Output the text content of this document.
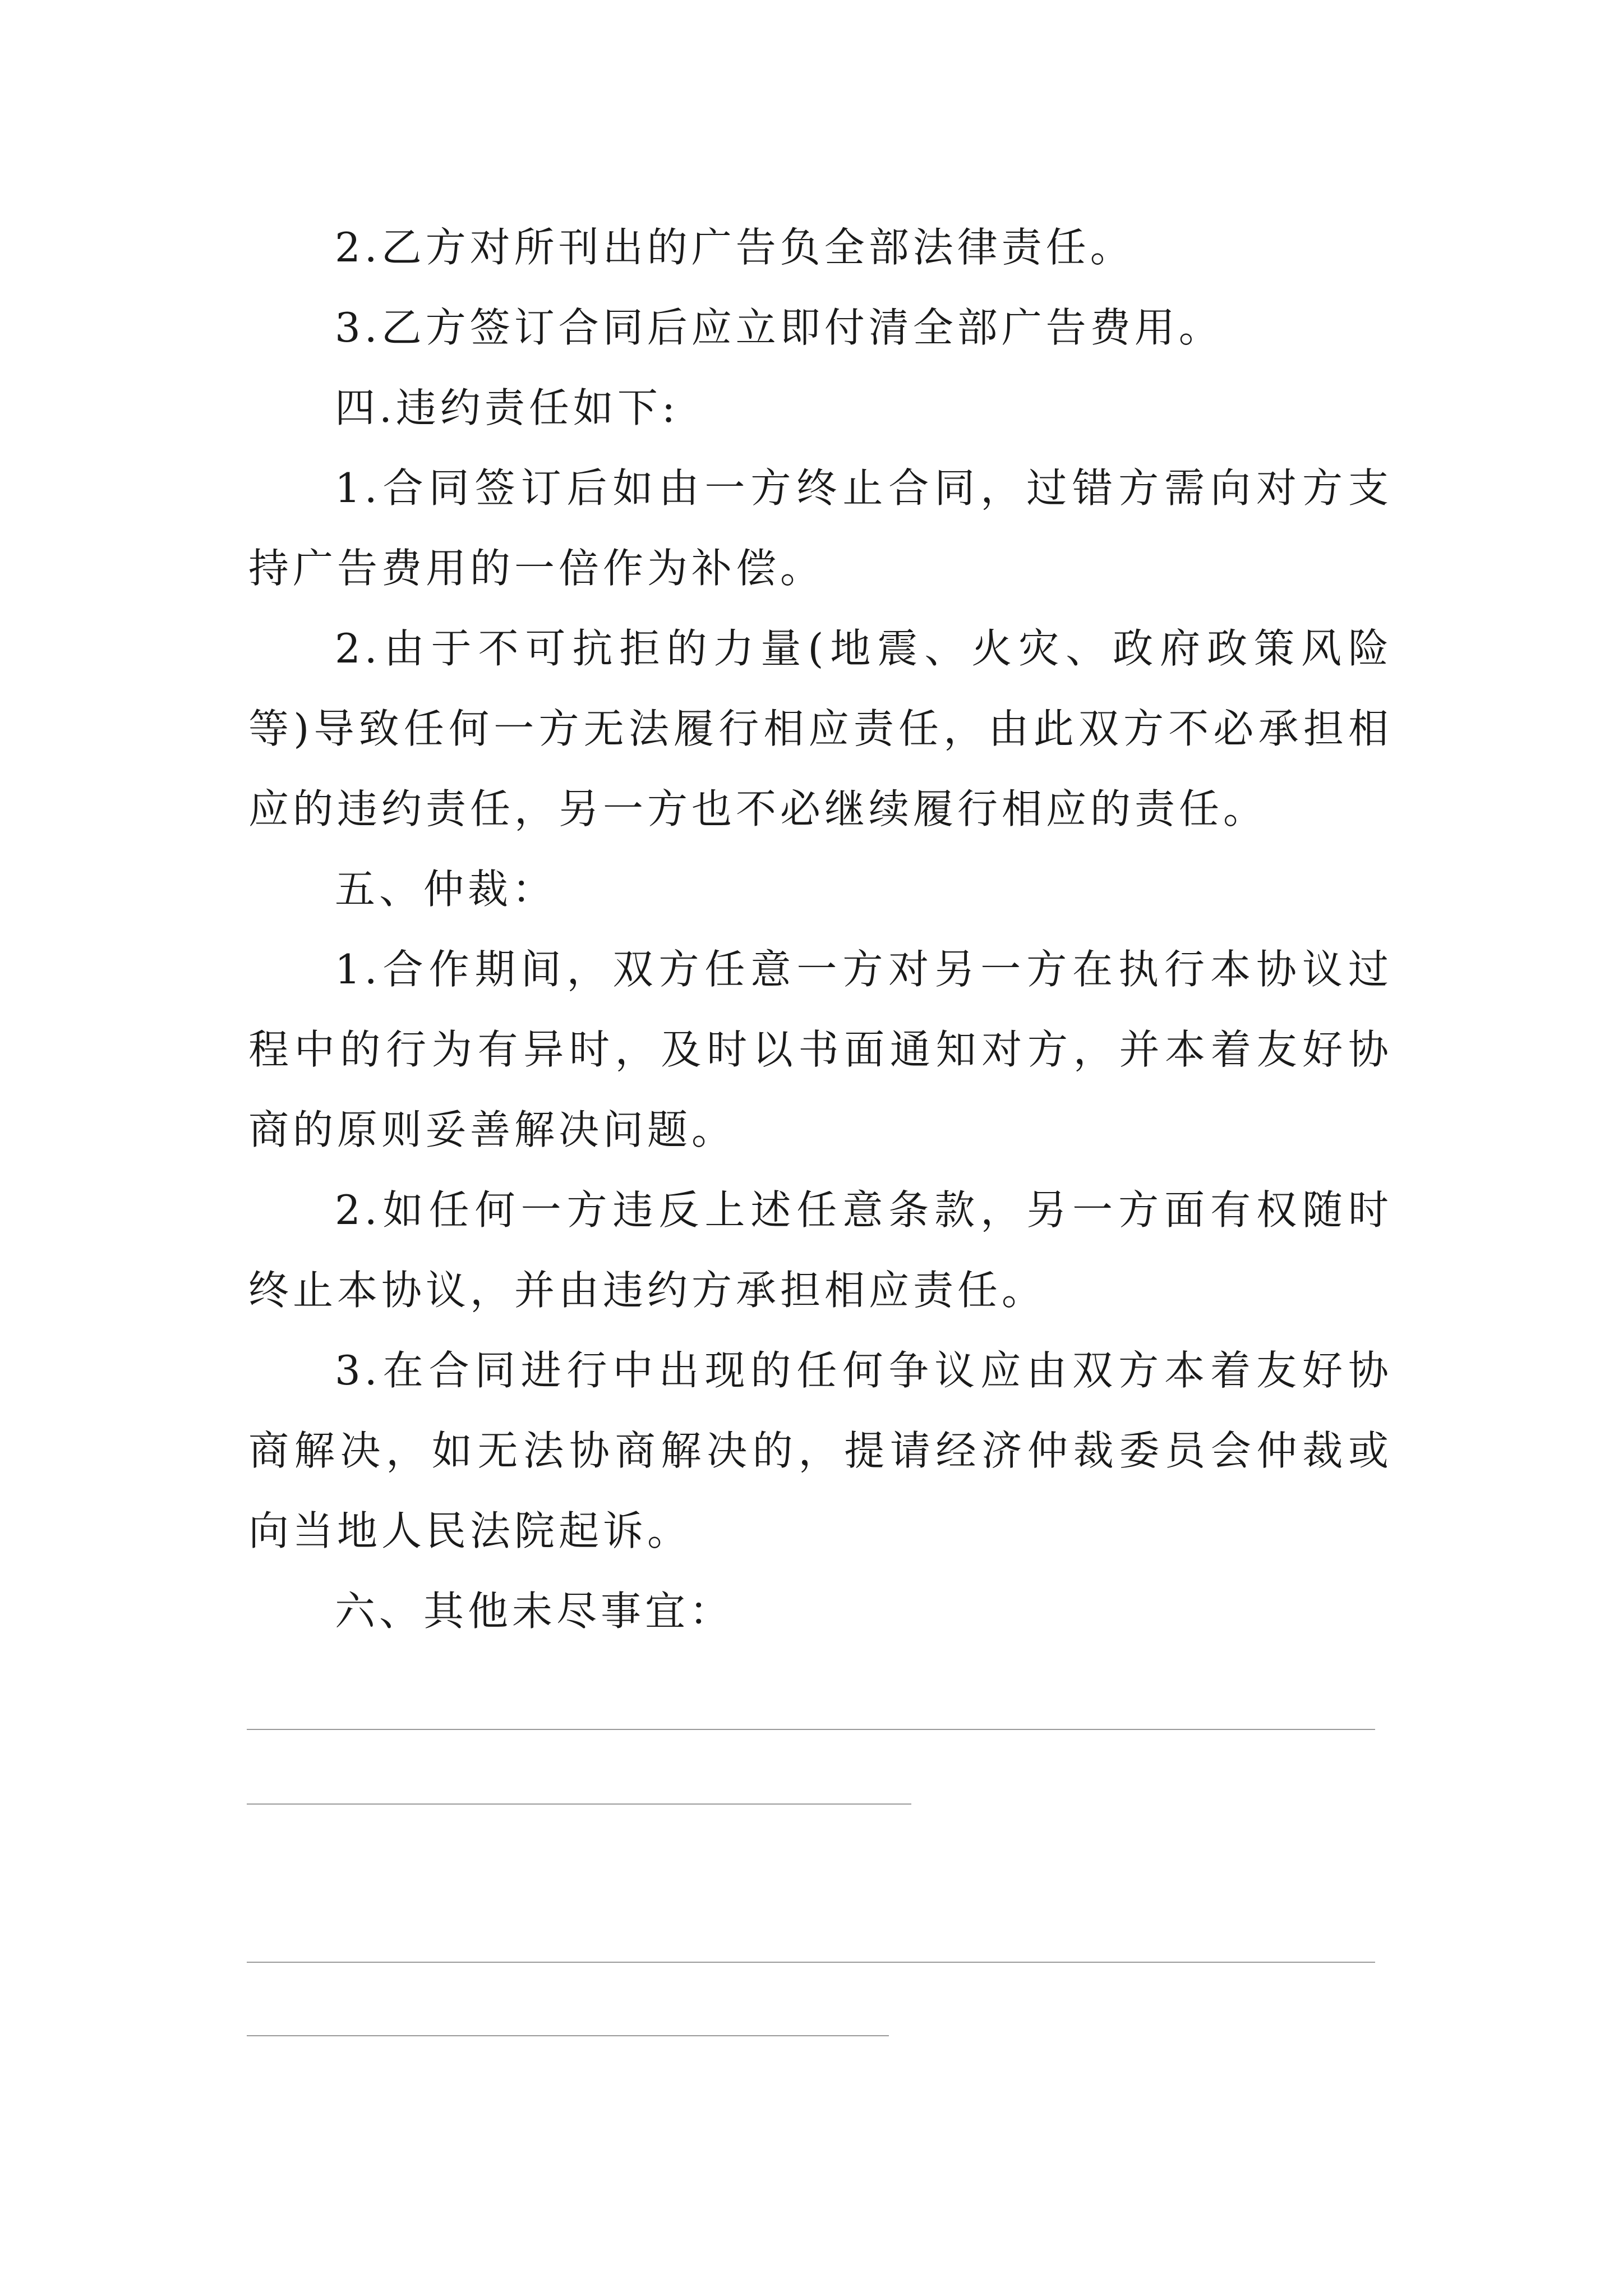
2.乙方对所刊出的广告负全部法律责任。

3.乙方签订合同后应立即付清全部广告费用。

四.违约责任如下:

1.合同签订后如由一方终止合同，过错方需向对方支持广告费用的一倍作为补偿。

2.由于不可抗拒的力量(地震、火灾、政府政策风险等)导致任何一方无法履行相应责任，由此双方不必承担相应的违约责任，另一方也不必继续履行相应的责任。

五、仲裁：

1.合作期间，双方任意一方对另一方在执行本协议过程中的行为有异时，及时以书面通知对方，并本着友好协商的原则妥善解决问题。

2.如任何一方违反上述任意条款，另一方面有权随时终止本协议，并由违约方承担相应责任。

3.在合同进行中出现的任何争议应由双方本着友好协商解决，如无法协商解决的，提请经济仲裁委员会仲裁或向当地人民法院起诉。

六、其他未尽事宜：
